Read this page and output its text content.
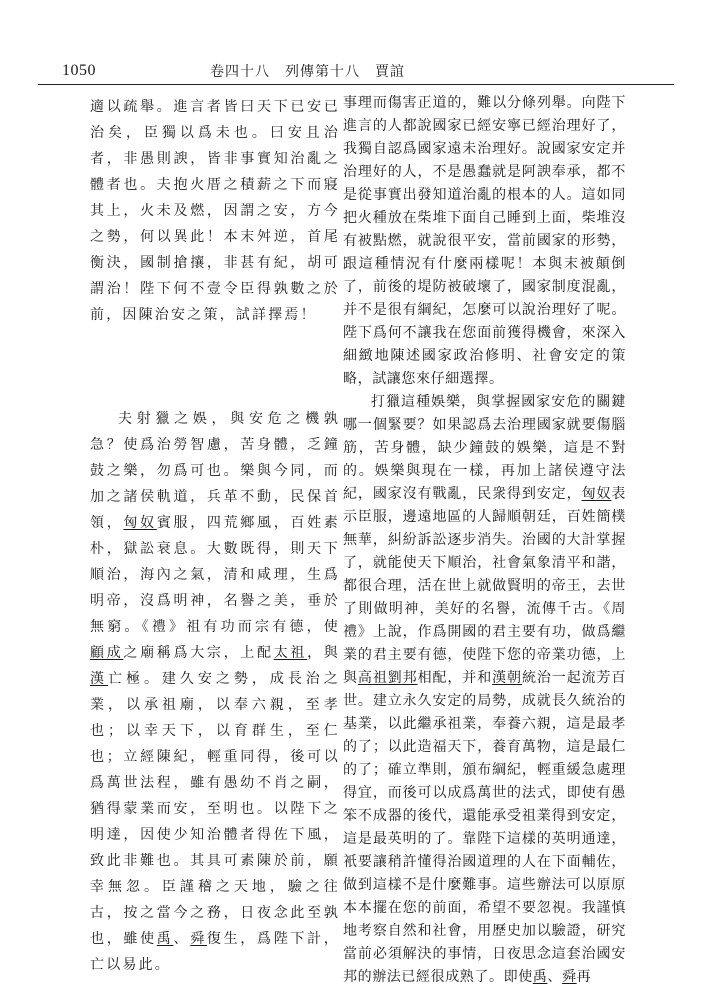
1050	卷四十八　列傳第十八　賈誼

適以疏舉。進言者皆曰天下已安已治矣，臣獨以爲未也。曰安且治者，非愚則諛，皆非事實知治亂之體者也。夫抱火厝之積薪之下而寢其上，火未及燃，因謂之安，方今之勢，何以異此！本末舛逆，首尾衡決，國制搶攘，非甚有紀，胡可謂治！陛下何不壹令臣得孰數之於前，因陳治安之策，試詳擇焉！

夫射獵之娛，與安危之機孰急？使爲治勞智慮，苦身體，乏鐘鼓之樂，勿爲可也。樂與今同，而加之諸侯軌道，兵革不動，民保首領，匈奴賓服，四荒鄉風，百姓素朴，獄訟衰息。大數既得，則天下順治，海內之氣，清和咸理，生爲明帝，沒爲明神，名譽之美，垂於無窮。《禮》祖有功而宗有德，使顧成之廟稱爲大宗，上配太祖，與漢亡極。建久安之勢，成長治之業，以承祖廟，以奉六親，至孝也；以幸天下，以育群生，至仁也；立經陳紀，輕重同得，後可以爲萬世法程，雖有愚幼不肖之嗣，猶得蒙業而安，至明也。以陛下之明達，因使少知治體者得佐下風，致此非難也。其具可素陳於前，願幸無忽。臣謹稽之天地，驗之往古，按之當今之務，日夜念此至孰也，雖使禹、舜復生，爲陛下計，亡以易此。

事理而傷害正道的，難以分條列舉。向陛下進言的人都說國家已經安寧已經治理好了，我獨自認爲國家遠未治理好。說國家安定并治理好的人，不是愚蠢就是阿諛奉承，都不是從事實出發知道治亂的根本的人。這如同把火種放在柴堆下面自己睡到上面，柴堆沒有被點燃，就說很平安，當前國家的形勢，跟這種情況有什麼兩樣呢！本與末被顛倒了，前後的堤防被破壞了，國家制度混亂，并不是很有綱紀，怎麼可以說治理好了呢。陛下爲何不讓我在您面前獲得機會，來深入細緻地陳述國家政治修明、社會安定的策略，試讓您來仔細選擇。

打獵這種娛樂，與掌握國家安危的關鍵哪一個緊要？如果認爲去治理國家就要傷腦筋，苦身體，缺少鐘鼓的娛樂，這是不對的。娛樂與現在一樣，再加上諸侯遵守法紀，國家沒有戰亂，民衆得到安定，匈奴表示臣服，邊遠地區的人歸順朝廷，百姓簡樸無華，糾紛訴訟逐步消失。治國的大計掌握了，就能使天下順治，社會氣象清平和諧，都很合理，活在世上就做賢明的帝王，去世了則做明神，美好的名譽，流傳千古。《周禮》上說，作爲開國的君主要有功，做爲繼業的君主要有德，使陛下您的帝業功德，上與高祖劉邦相配，并和漢朝統治一起流芳百世。建立永久安定的局勢，成就長久統治的基業，以此繼承祖業，奉養六親，這是最孝的了；以此造福天下，養育萬物，這是最仁的了；確立準則，頒布綱紀，輕重緩急處理得宜，而後可以成爲萬世的法式，即使有愚笨不成器的後代，還能承受祖業得到安定，這是最英明的了。靠陛下這樣的英明通達，衹要讓稍許懂得治國道理的人在下面輔佐，做到這樣不是什麼難事。這些辦法可以原原本本擺在您的前面，希望不要忽視。我謹慎地考察自然和社會，用歷史加以驗證，研究當前必須解決的事情，日夜思念這套治國安邦的辦法已經很成熟了。即使禹、舜再
